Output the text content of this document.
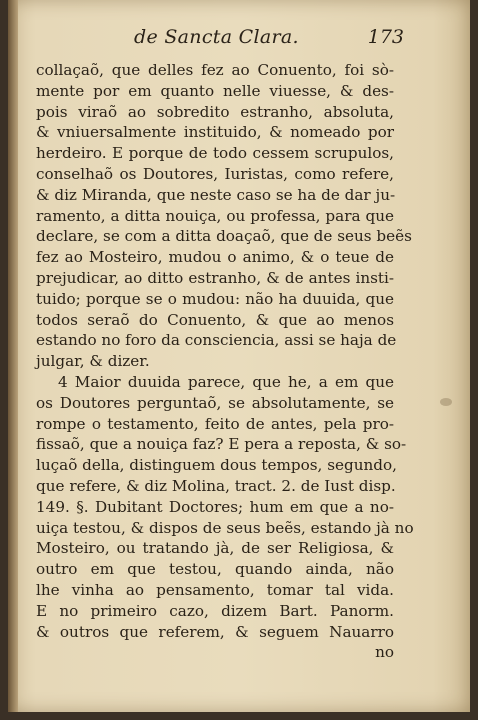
de Sancta Clara.	173
collaçaõ, que delles fez ao Conuento, foi sò-
mente por em quanto nelle viuesse, & des-
pois viraõ ao sobredito estranho, absoluta,
& vniuersalmente instituido, & nomeado por
herdeiro. E porque de todo cessem scrupulos,
conselhaõ os Doutores, Iuristas, como refere,
& diz Miranda, que neste caso se ha de dar ju-
ramento, a ditta nouiça, ou professa, para que
declare, se com a ditta doaçaõ, que de seus beẽs
fez ao Mosteiro, mudou o animo, & o teue de
prejudicar, ao ditto estranho, & de antes insti-
tuido; porque se o mudou: não ha duuida, que
todos seraõ do Conuento, & que ao menos
estando no foro da consciencia, assi se haja de
julgar, & dizer.
4 Maior duuida parece, que he, a em que
os Doutores perguntaõ, se absolutamente, se
rompe o testamento, feito de antes, pela pro-
fissaõ, que a nouiça faz? E pera a reposta, & so-
luçaõ della, distinguem dous tempos, segundo,
que refere, & diz Molina, tract. 2. de Iust disp.
149. §. Dubitant Doctores; hum em que a no-
uiça testou, & dispos de seus beẽs, estando jà no
Mosteiro, ou tratando jà, de ser Religiosa, &
outro em que testou, quando ainda, não
lhe vinha ao pensamento, tomar tal vida.
E no primeiro cazo, dizem Bart. Panorm.
& outros que referem, & seguem Nauarro
no
